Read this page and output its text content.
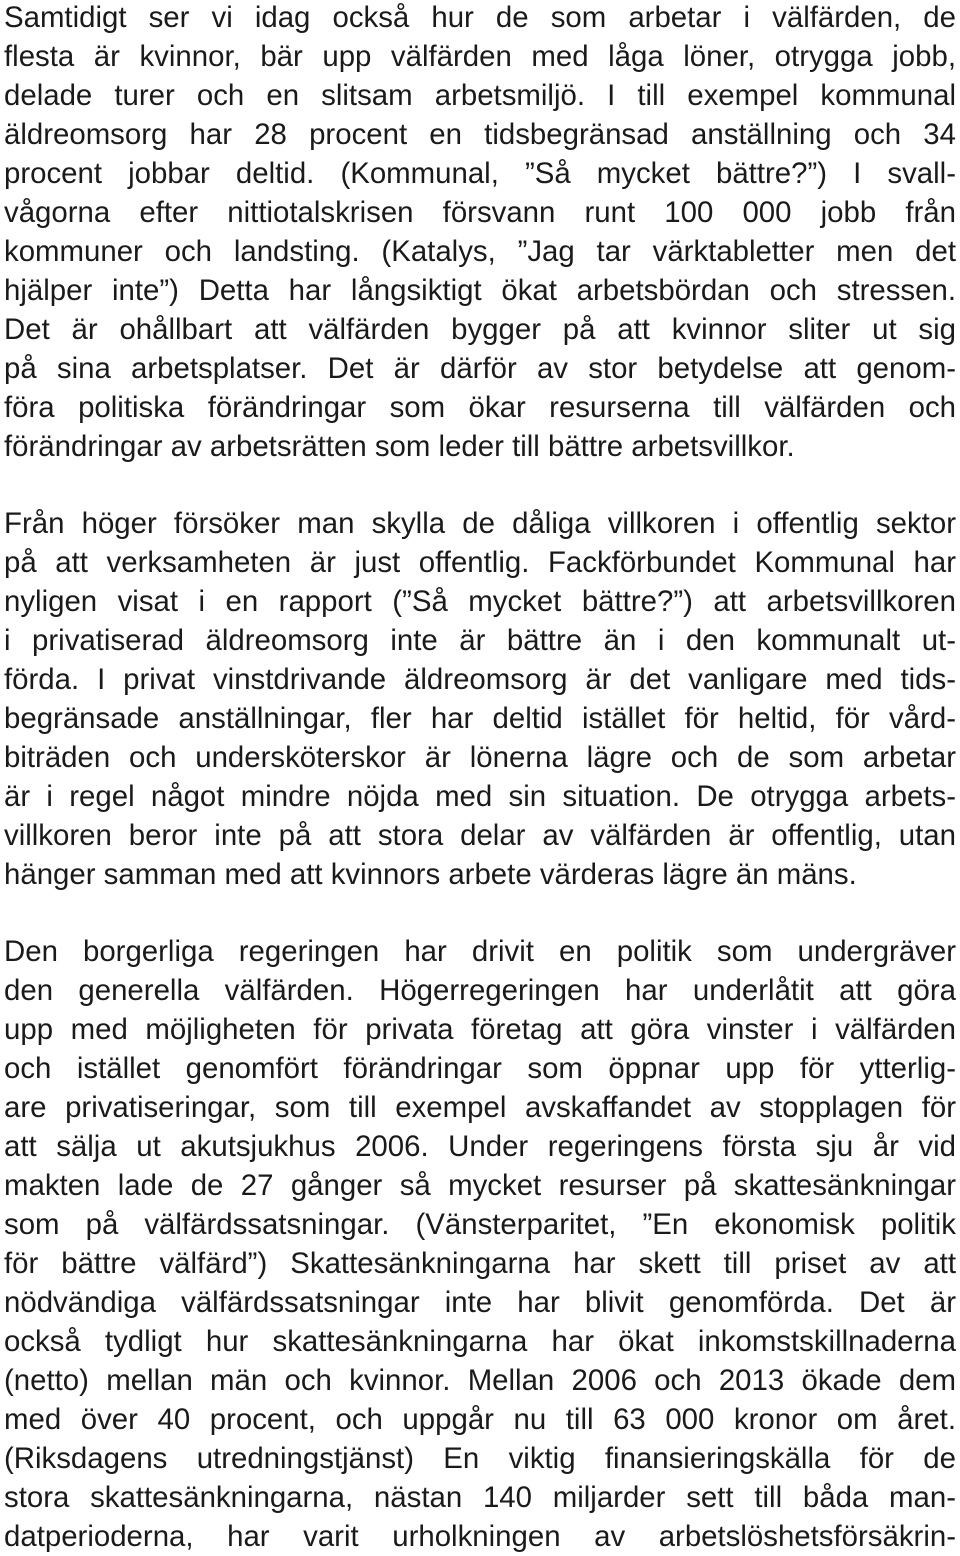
Samtidigt ser vi idag också hur de som arbetar i välfärden, de
flesta är kvinnor, bär upp välfärden med låga löner, otrygga jobb,
delade turer och en slitsam arbetsmiljö. I till exempel kommunal
äldreomsorg har 28 procent en tidsbegränsad anställning och 34
procent jobbar deltid. (Kommunal, ”Så mycket bättre?”) I svall-
vågorna efter nittiotalskrisen försvann runt 100 000 jobb från
kommuner och landsting. (Katalys, ”Jag tar värktabletter men det
hjälper inte”) Detta har långsiktigt ökat arbetsbördan och stressen.
Det är ohållbart att välfärden bygger på att kvinnor sliter ut sig
på sina arbetsplatser. Det är därför av stor betydelse att genom-
föra politiska förändringar som ökar resurserna till välfärden och
förändringar av arbetsrätten som leder till bättre arbetsvillkor.
Från höger försöker man skylla de dåliga villkoren i offentlig sektor
på att verksamheten är just offentlig. Fackförbundet Kommunal har
nyligen visat i en rapport (”Så mycket bättre?”) att arbetsvillkoren
i privatiserad äldreomsorg inte är bättre än i den kommunalt ut-
förda. I privat vinstdrivande äldreomsorg är det vanligare med tids-
begränsade anställningar, fler har deltid istället för heltid, för vård-
biträden och undersköterskor är lönerna lägre och de som arbetar
är i regel något mindre nöjda med sin situation. De otrygga arbets-
villkoren beror inte på att stora delar av välfärden är offentlig, utan
hänger samman med att kvinnors arbete värderas lägre än mäns.
Den borgerliga regeringen har drivit en politik som undergräver
den generella välfärden. Högerregeringen har underlåtit att göra
upp med möjligheten för privata företag att göra vinster i välfärden
och istället genomfört förändringar som öppnar upp för ytterlig-
are privatiseringar, som till exempel avskaffandet av stopplagen för
att sälja ut akutsjukhus 2006. Under regeringens första sju år vid
makten lade de 27 gånger så mycket resurser på skattesänkningar
som på välfärdssatsningar. (Vänsterparitet, ”En ekonomisk politik
för bättre välfärd”) Skattesänkningarna har skett till priset av att
nödvändiga välfärdssatsningar inte har blivit genomförda. Det är
också tydligt hur skattesänkningarna har ökat inkomstskillnaderna
(netto) mellan män och kvinnor. Mellan 2006 och 2013 ökade dem
med över 40 procent, och uppgår nu till 63 000 kronor om året.
(Riksdagens utredningstjänst) En viktig finansieringskälla för de
stora skattesänkningarna, nästan 140 miljarder sett till båda man-
datperioderna, har varit urholkningen av arbetslöshetsförsäkrin-
